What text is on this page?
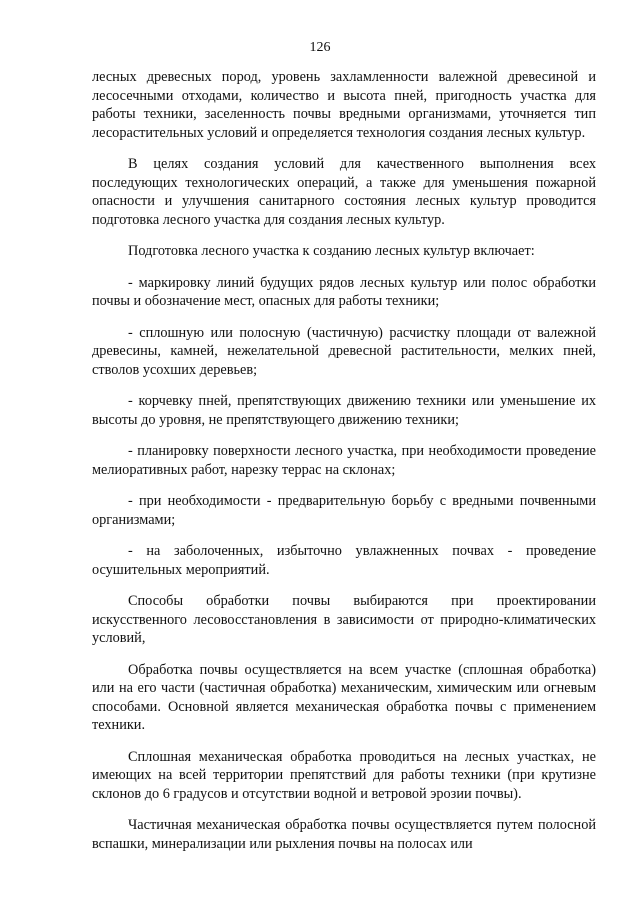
126

лесных древесных пород, уровень захламленности валежной древесиной и лесосечными отходами, количество и высота пней, пригодность участка для работы техники, заселенность почвы вредными организмами, уточняется тип лесорастительных условий и определяется технология создания лесных культур.

В целях создания условий для качественного выполнения всех последующих технологических операций, а также для уменьшения пожарной опасности и улучшения санитарного состояния лесных культур проводится подготовка лесного участка для создания лесных культур.

Подготовка лесного участка к созданию лесных культур включает:

- маркировку линий будущих рядов лесных культур или полос обработки почвы и обозначение мест, опасных для работы техники;

- сплошную или полосную (частичную) расчистку площади от валежной древесины, камней, нежелательной древесной растительности, мелких пней, стволов усохших деревьев;

- корчевку пней, препятствующих движению техники или уменьшение их высоты до уровня, не препятствующего движению техники;

- планировку поверхности лесного участка, при необходимости проведение мелиоративных работ, нарезку террас на склонах;

- при необходимости - предварительную борьбу с вредными почвенными организмами;

- на заболоченных, избыточно увлажненных почвах - проведение осушительных мероприятий.

Способы обработки почвы выбираются при проектировании искусственного лесовосстановления в зависимости от природно-климатических условий,

Обработка почвы осуществляется на всем участке (сплошная обработка) или на его части (частичная обработка) механическим, химическим или огневым способами. Основной является механическая обработка почвы с применением техники.

Сплошная механическая обработка проводиться на лесных участках, не имеющих на всей территории препятствий для работы техники (при крутизне склонов до 6 градусов и отсутствии водной и ветровой эрозии почвы).

Частичная механическая обработка почвы осуществляется путем полосной вспашки, минерализации или рыхления почвы на полосах или
